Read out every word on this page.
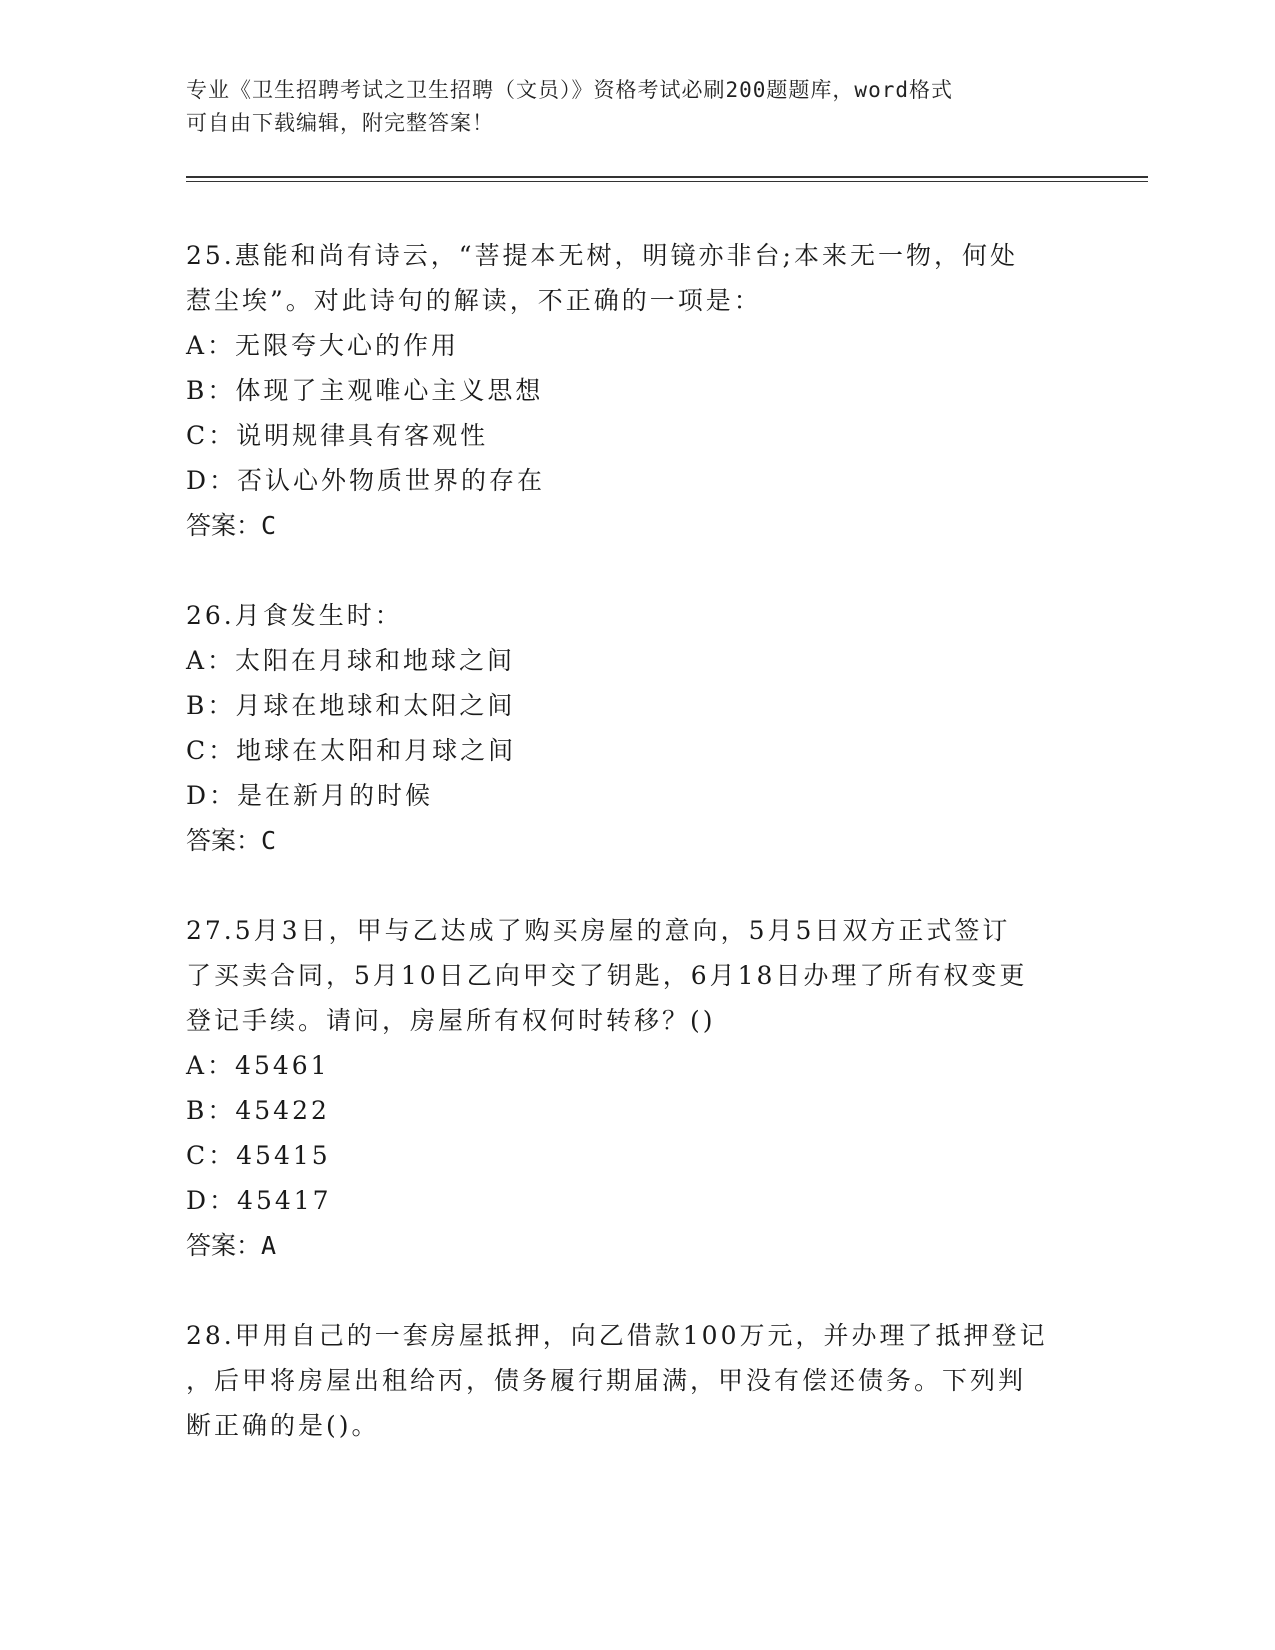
专业《卫生招聘考试之卫生招聘（文员）》资格考试必刷200题题库，word格式
可自由下载编辑，附完整答案！
25.惠能和尚有诗云，“菩提本无树，明镜亦非台;本来无一物，何处
惹尘埃”。对此诗句的解读，不正确的一项是：
A：无限夸大心的作用
B：体现了主观唯心主义思想
C：说明规律具有客观性
D：否认心外物质世界的存在
答案：C
26.月食发生时：
A：太阳在月球和地球之间
B：月球在地球和太阳之间
C：地球在太阳和月球之间
D：是在新月的时候
答案：C
27.5月3日，甲与乙达成了购买房屋的意向，5月5日双方正式签订
了买卖合同，5月10日乙向甲交了钥匙，6月18日办理了所有权变更
登记手续。请问，房屋所有权何时转移？()
A：45461
B：45422
C：45415
D：45417
答案：A
28.甲用自己的一套房屋抵押，向乙借款100万元，并办理了抵押登记
，后甲将房屋出租给丙，债务履行期届满，甲没有偿还债务。下列判
断正确的是()。
